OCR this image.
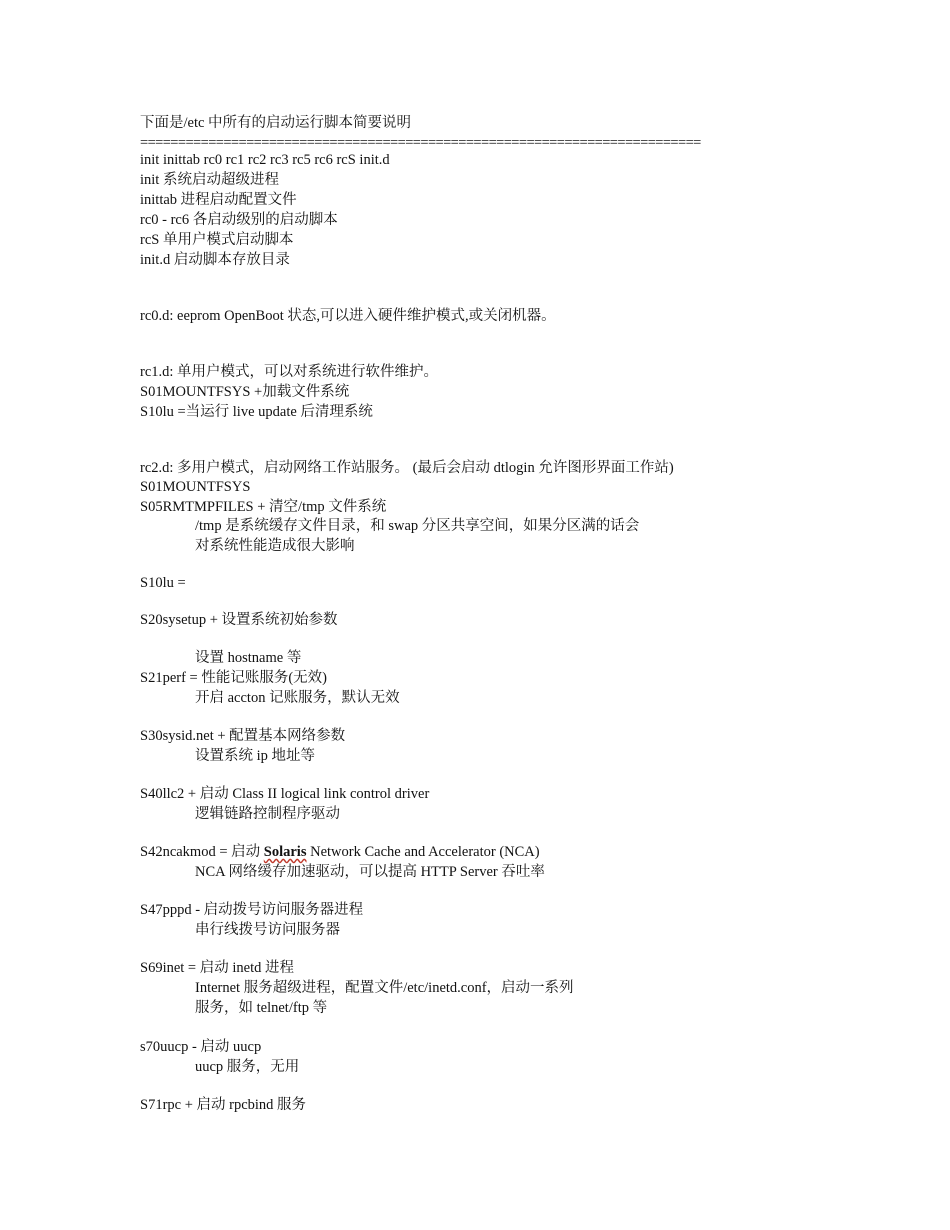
下面是/etc 中所有的启动运行脚本简要说明
==========================================================================
init inittab rc0 rc1 rc2 rc3 rc5 rc6 rcS init.d
init 系统启动超级进程
inittab 进程启动配置文件
rc0 - rc6 各启动级别的启动脚本
rcS 单用户模式启动脚本
init.d 启动脚本存放目录
rc0.d: eeprom OpenBoot 状态,可以进入硬件维护模式,或关闭机器。
rc1.d: 单用户模式，可以对系统进行软件维护。
S01MOUNTFSYS +加载文件系统
S10lu =当运行 live update 后清理系统
rc2.d: 多用户模式，启动网络工作站服务。 (最后会启动 dtlogin 允许图形界面工作站)
S01MOUNTFSYS
S05RMTMPFILES + 清空/tmp 文件系统
/tmp 是系统缓存文件目录，和 swap 分区共享空间，如果分区满的话会
对系统性能造成很大影响
S10lu =
S20sysetup + 设置系统初始参数
设置 hostname 等
S21perf = 性能记账服务(无效)
开启 accton 记账服务，默认无效
S30sysid.net + 配置基本网络参数
设置系统 ip 地址等
S40llc2 + 启动 Class II logical link control driver
逻辑链路控制程序驱动
S42ncakmod = 启动 Solaris Network Cache and Accelerator (NCA)
NCA 网络缓存加速驱动，可以提高 HTTP Server 吞吐率
S47pppd - 启动拨号访问服务器进程
串行线拨号访问服务器
S69inet = 启动 inetd 进程
Internet 服务超级进程，配置文件/etc/inetd.conf，启动一系列
服务，如 telnet/ftp 等
s70uucp - 启动 uucp
uucp 服务，无用
S71rpc + 启动 rpcbind 服务
